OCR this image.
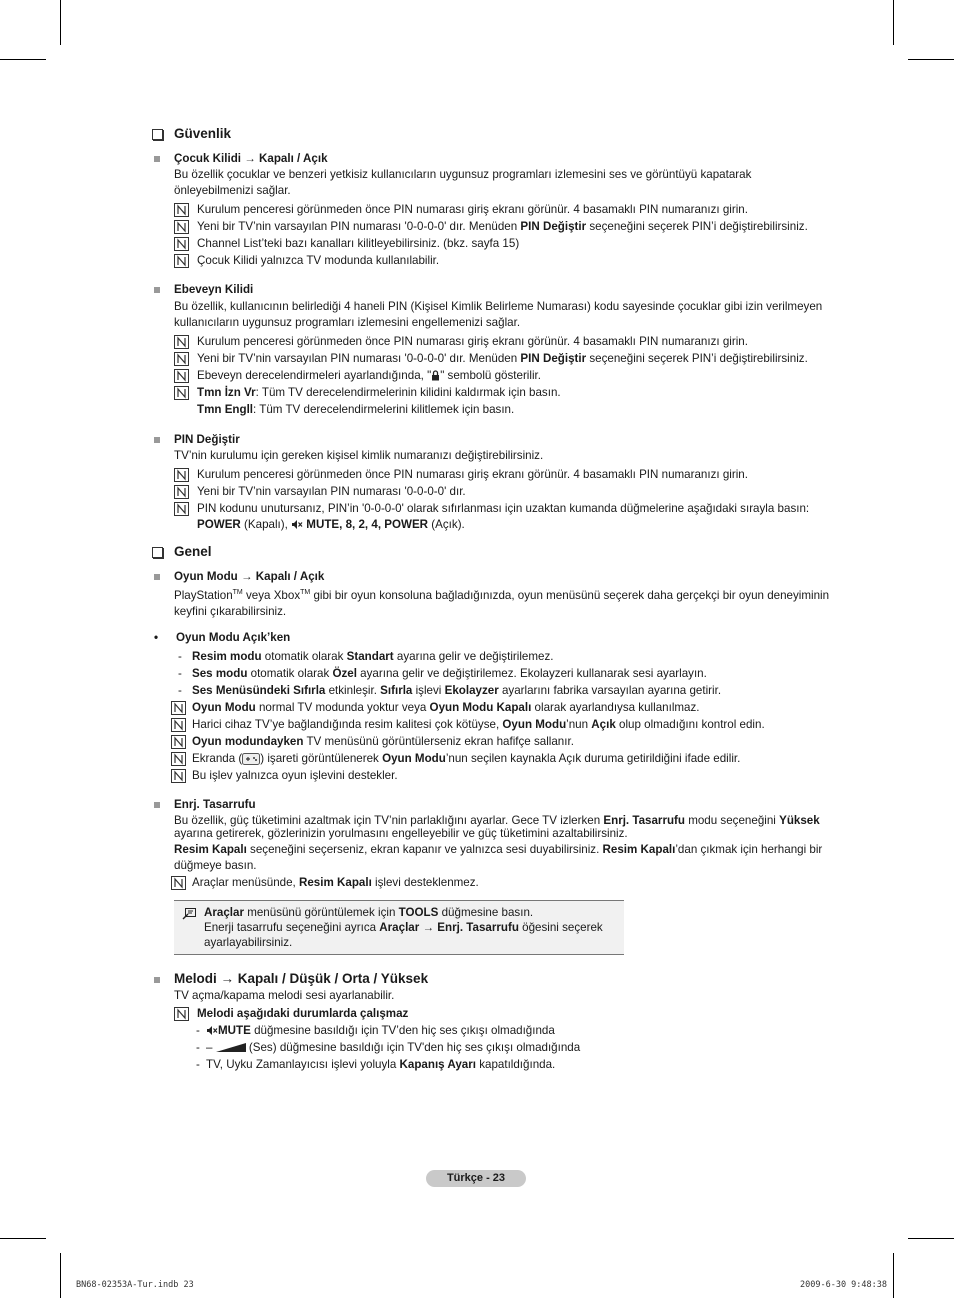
Güvenlik
Çocuk Kilidi → Kapalı / Açık
Bu özellik çocuklar ve benzeri yetkisiz kullanıcıların uygunsuz programları izlemesini ses ve görüntüyü kapatarak önleyebilmenizi sağlar.
Kurulum penceresi görünmeden önce PIN numarası giriş ekranı görünür. 4 basamaklı PIN numaranızı girin.
Yeni bir TV’nin varsayılan PIN numarası '0-0-0-0' dır. Menüden PIN Değiştir seçeneğini seçerek PIN’i değiştirebilirsiniz.
Channel List’teki bazı kanalları kilitleyebilirsiniz. (bkz. sayfa 15)
Çocuk Kilidi yalnızca TV modunda kullanılabilir.
Ebeveyn Kilidi
Bu özellik, kullanıcının belirlediği 4 haneli PIN (Kişisel Kimlik Belirleme Numarası) kodu sayesinde çocuklar gibi izin verilmeyen kullanıcıların uygunsuz programları izlemesini engellemenizi sağlar.
Kurulum penceresi görünmeden önce PIN numarası giriş ekranı görünür. 4 basamaklı PIN numaranızı girin.
Yeni bir TV’nin varsayılan PIN numarası '0-0-0-0' dır. Menüden PIN Değiştir seçeneğini seçerek PIN’i değiştirebilirsiniz.
Ebeveyn derecelendirmeleri ayarlandığında, " " sembolü gösterilir.
Tmn İzn Vr: Tüm TV derecelendirmelerinin kilidini kaldırmak için basın.
Tmn Engll: Tüm TV derecelendirmelerini kilitlemek için basın.
PIN Değiştir
TV’nin kurulumu için gereken kişisel kimlik numaranızı değiştirebilirsiniz.
Kurulum penceresi görünmeden önce PIN numarası giriş ekranı görünür. 4 basamaklı PIN numaranızı girin.
Yeni bir TV’nin varsayılan PIN numarası '0-0-0-0' dır.
PIN kodunu unutursanız, PIN’in '0-0-0-0' olarak sıfırlanması için uzaktan kumanda düğmelerine aşağıdaki sırayla basın:
POWER (Kapalı),  MUTE, 8, 2, 4, POWER (Açık).
Genel
Oyun Modu → Kapalı / Açık
PlayStation™ veya Xbox™ gibi bir oyun konsoluna bağladığınızda, oyun menüsünü seçerek daha gerçekçi bir oyun deneyiminin keyfini çıkarabilirsiniz.
•	Oyun Modu Açık’ken
- Resim modu otomatik olarak Standart ayarına gelir ve değiştirilemez.
- Ses modu otomatik olarak Özel ayarına gelir ve değiştirilemez. Ekolayzeri kullanarak sesi ayarlayın.
- Ses Menüsündeki Sıfırla etkinleşir. Sıfırla işlevi Ekolayzer ayarlarını fabrika varsayılan ayarına getirir.
Oyun Modu normal TV modunda yoktur veya Oyun Modu Kapalı olarak ayarlandıysa kullanılmaz.
Harici cihaz TV’ye bağlandığında resim kalitesi çok kötüyse, Oyun Modu’nun Açık olup olmadığını kontrol edin.
Oyun modundayken TV menüsünü görüntülerseniz ekran hafifçe sallanır.
Ekranda ( ) işareti görüntülenerek Oyun Modu’nun seçilen kaynakla Açık duruma getirildiğini ifade edilir.
Bu işlev yalnızca oyun işlevini destekler.
Enrj. Tasarrufu
Bu özellik, güç tüketimini azaltmak için TV’nin parlaklığını ayarlar. Gece TV izlerken Enrj. Tasarrufu modu seçeneğini Yüksek ayarına getirerek, gözlerinizin yorulmasını engelleyebilir ve güç tüketimini azaltabilirsiniz.
Resim Kapalı seçeneğini seçerseniz, ekran kapanır ve yalnızca sesi duyabilirsiniz. Resim Kapalı’dan çıkmak için herhangi bir düğmeye basın.
Araçlar menüsünde, Resim Kapalı işlevi desteklenmez.
Araçlar menüsünü görüntülemek için TOOLS düğmesine basın.
Enerji tasarrufu seçeneğini ayrıca Araçlar → Enrj. Tasarrufu öğesini seçerek ayarlayabilirsiniz.
Melodi → Kapalı / Düşük / Orta / Yüksek
TV açma/kapama melodi sesi ayarlanabilir.
Melodi aşağıdaki durumlarda çalışmaz
-	MUTE düğmesine basıldığı için TV’den hiç ses çıkışı olmadığında
- –	(Ses) düğmesine basıldığı için TV'den hiç ses çıkışı olmadığında
- TV, Uyku Zamanlayıcısı işlevi yoluyla Kapanış Ayarı kapatıldığında.
Türkçe - 23
BN68-02353A-Tur.indb 23	2009-6-30 9:48:38
